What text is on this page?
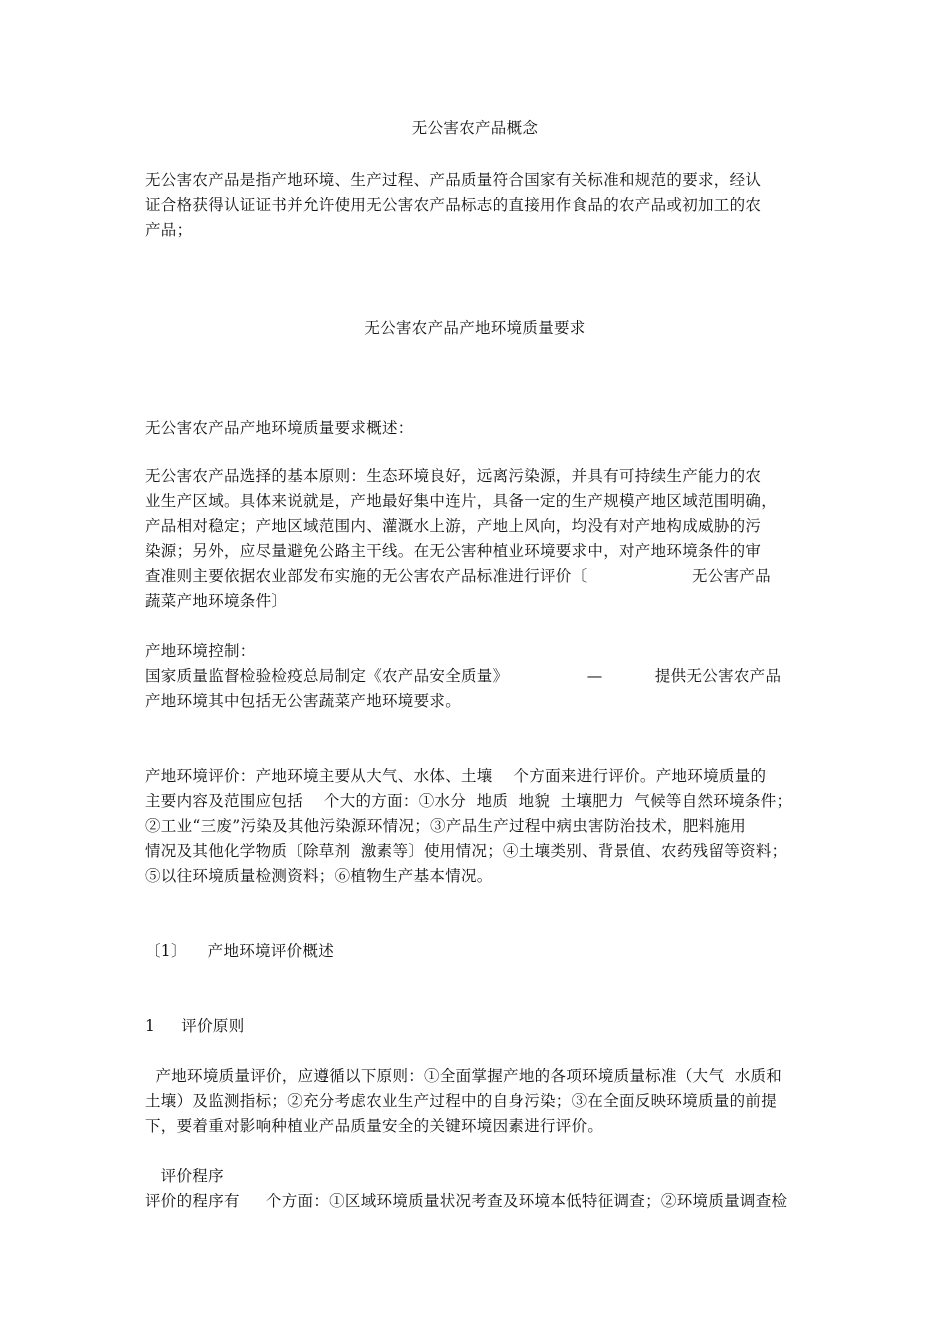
无公害农产品概念
无公害农产品是指产地环境、生产过程、产品质量符合国家有关标准和规范的要求，经认
证合格获得认证证书并允许使用无公害农产品标志的直接用作食品的农产品或初加工的农
产品；
无公害农产品产地环境质量要求
无公害农产品产地环境质量要求概述：
无公害农产品选择的基本原则：生态环境良好，远离污染源，并具有可持续生产能力的农
业生产区域。具体来说就是，产地最好集中连片，具备一定的生产规模产地区域范围明确，
产品相对稳定；产地区域范围内、灌溉水上游，产地上风向，均没有对产地构成威胁的污
染源；另外，应尽量避免公路主干线。在无公害种植业环境要求中，对产地环境条件的审
查准则主要依据农业部发布实施的无公害农产品标准进行评价〔                    无公害产品
蔬菜产地环境条件〕
产地环境控制：
国家质量监督检验检疫总局制定《农产品安全质量》               —          提供无公害农产品
产地环境其中包括无公害蔬菜产地环境要求。
产地环境评价：产地环境主要从大气、水体、土壤    个方面来进行评价。产地环境质量的
主要内容及范围应包括    个大的方面：①水分  地质  地貌  土壤肥力  气候等自然环境条件；
②工业“三废”污染及其他污染源环情况；③产品生产过程中病虫害防治技术，肥料施用
情况及其他化学物质〔除草剂  激素等〕使用情况；④土壤类别、背景值、农药残留等资料；
⑤以往环境质量检测资料；⑥植物生产基本情况。
〔1〕    产地环境评价概述
1     评价原则
产地环境质量评价，应遵循以下原则：①全面掌握产地的各项环境质量标准（大气  水质和
土壤）及监测指标；②充分考虑农业生产过程中的自身污染；③在全面反映环境质量的前提
下，要着重对影响种植业产品质量安全的关键环境因素进行评价。
评价程序
评价的程序有     个方面：①区域环境质量状况考查及环境本低特征调查；②环境质量调查检
